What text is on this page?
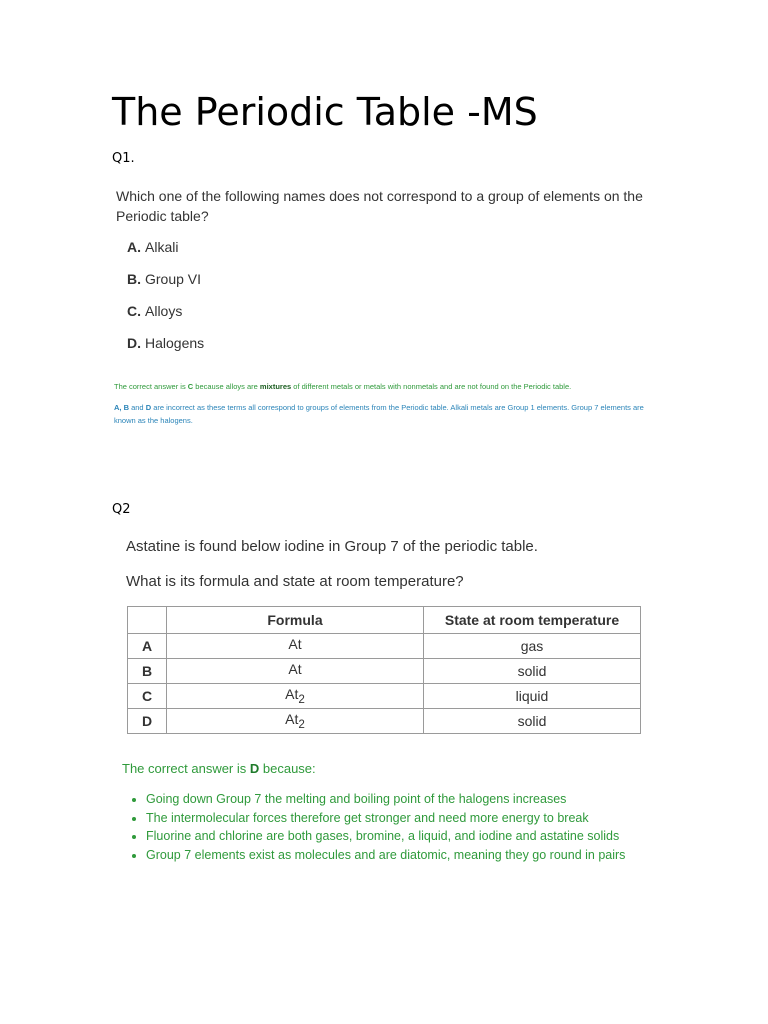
The Periodic Table -MS
Q1.
Which one of the following names does not correspond to a group of elements on the Periodic table?
A. Alkali
B. Group VI
C. Alloys
D. Halogens
The correct answer is C because alloys are mixtures of different metals or metals with nonmetals and are not found on the Periodic table.
A, B and D are incorrect as these terms all correspond to groups of elements from the Periodic table. Alkali metals are Group 1 elements. Group 7 elements are known as the halogens.
Q2
Astatine is found below iodine in Group 7 of the periodic table.
What is its formula and state at room temperature?
	Formula	State at room temperature
A	At	gas
B	At	solid
C	$At_2$	liquid
D	$At_2$	solid
The correct answer is D because:
• Going down Group 7 the melting and boiling point of the halogens increases
• The intermolecular forces therefore get stronger and need more energy to break
• Fluorine and chlorine are both gases, bromine, a liquid, and iodine and astatine solids
• Group 7 elements exist as molecules and are diatomic, meaning they go round in pairs
